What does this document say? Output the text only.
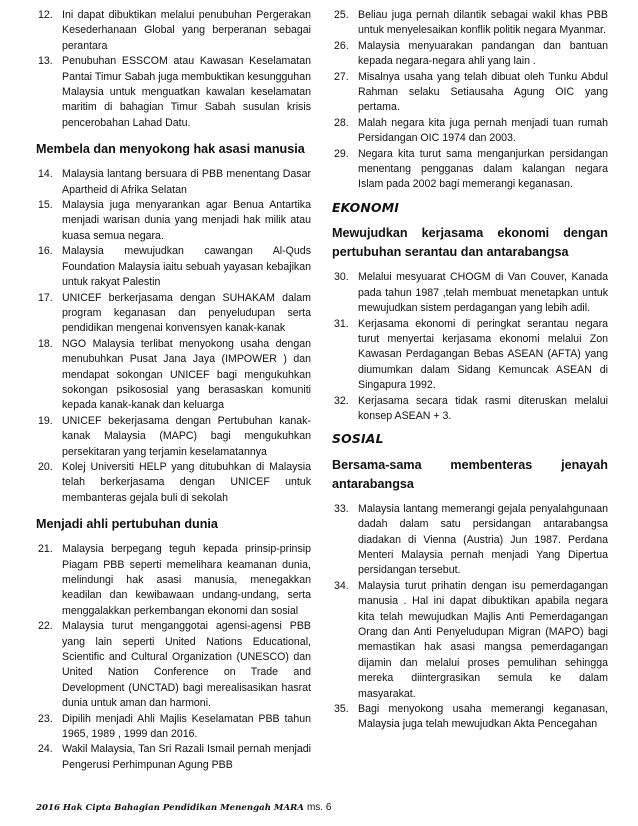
12. Ini dapat dibuktikan melalui penubuhan Pergerakan Kesederhanaan Global yang berperanan sebagai perantara
13. Penubuhan ESSCOM atau Kawasan Keselamatan Pantai Timur Sabah juga membuktikan kesungguhan Malaysia untuk menguatkan kawalan keselamatan maritim di bahagian Timur Sabah susulan krisis pencerobahan Lahad Datu.
Membela dan menyokong hak asasi manusia
14. Malaysia lantang bersuara di PBB menentang Dasar Apartheid di Afrika Selatan
15. Malaysia juga menyarankan agar Benua Antartika menjadi warisan dunia yang menjadi hak milik atau kuasa semua negara.
16. Malaysia mewujudkan cawangan Al-Quds Foundation Malaysia iaitu sebuah yayasan kebajikan untuk rakyat Palestin
17. UNICEF berkerjasama dengan SUHAKAM dalam program keganasan dan penyeludupan serta pendidikan mengenai konvensyen kanak-kanak
18. NGO Malaysia terlibat menyokong usaha dengan menubuhkan Pusat Jana Jaya (IMPOWER ) dan mendapat sokongan UNICEF bagi mengukuhkan sokongan psikososial yang berasaskan komuniti kepada kanak-kanak dan keluarga
19. UNICEF bekerjasama dengan Pertubuhan kanak-kanak Malaysia (MAPC) bagi mengukuhkan persekitaran yang terjamin keselamatannya
20. Kolej Universiti HELP yang ditubuhkan di Malaysia telah berkerjasama dengan UNICEF untuk membanteras gejala buli di sekolah
Menjadi ahli pertubuhan dunia
21. Malaysia berpegang teguh kepada prinsip-prinsip Piagam PBB seperti memelihara keamanan dunia, melindungi hak asasi manusia, menegakkan keadilan dan kewibawaan undang-undang, serta menggalakkan perkembangan ekonomi dan sosial
22. Malaysia turut menganggotai agensi-agensi PBB yang lain seperti United Nations Educational, Scientific and Cultural Organization (UNESCO) dan United Nation Conference on Trade and Development (UNCTAD) bagi merealisasikan hasrat dunia untuk aman dan harmoni.
23. Dipilih menjadi Ahli Majlis Keselamatan PBB tahun 1965, 1989 , 1999 dan 2016.
24. Wakil Malaysia, Tan Sri Razali Ismail pernah menjadi Pengerusi Perhimpunan Agung PBB
25. Beliau juga pernah dilantik sebagai wakil khas PBB untuk menyelesaikan konflik politik negara Myanmar.
26. Malaysia menyuarakan pandangan dan bantuan kepada negara-negara ahli yang lain .
27. Misalnya usaha yang telah dibuat oleh Tunku Abdul Rahman selaku Setiausaha Agung OIC yang pertama.
28. Malah negara kita juga pernah menjadi tuan rumah Persidangan OIC 1974 dan 2003.
29. Negara kita turut sama menganjurkan persidangan menentang pengganas dalam kalangan negara Islam pada 2002 bagi memerangi keganasan.
EKONOMI
Mewujudkan kerjasama ekonomi dengan pertubuhan serantau dan antarabangsa
30. Melalui mesyuarat CHOGM di Van Couver, Kanada pada tahun 1987 ,telah membuat menetapkan untuk mewujudkan sistem perdagangan yang lebih adil.
31. Kerjasama ekonomi di peringkat serantau negara turut menyertai kerjasama ekonomi melalui Zon Kawasan Perdagangan Bebas ASEAN (AFTA) yang diumumkan dalam Sidang Kemuncak ASEAN di Singapura 1992.
32. Kerjasama secara tidak rasmi diteruskan melalui konsep ASEAN + 3.
SOSIAL
Bersama-sama membenteras jenayah antarabangsa
33. Malaysia lantang memerangi gejala penyalahgunaan dadah dalam satu persidangan antarabangsa diadakan di Vienna (Austria) Jun 1987. Perdana Menteri Malaysia pernah menjadi Yang Dipertua persidangan tersebut.
34. Malaysia turut prihatin dengan isu pemerdagangan manusia . Hal ini dapat dibuktikan apabila negara kita telah mewujudkan Majlis Anti Pemerdagangan Orang dan Anti Penyeludupan Migran (MAPO) bagi memastikan hak asasi mangsa pemerdagangan dijamin dan melalui proses pemulihan sehingga mereka diintergrasikan semula ke dalam masyarakat.
35. Bagi menyokong usaha memerangi keganasan, Malaysia juga telah mewujudkan Akta Pencegahan
2016 Hak Cipta Bahagian Pendidikan Menengah MARA ms. 6
